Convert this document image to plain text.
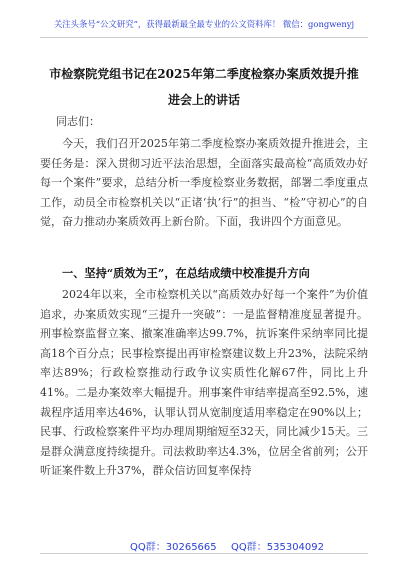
关注头条号“公文研究”，获得最新最全最专业的公文资料库！ 微信：gongwenyj
市检察院党组书记在2025年第二季度检察办案质效提升推
进会上的讲话
同志们：
今天，我们召开2025年第二季度检察办案质效提升推进会，主要任务是：深入贯彻习近平法治思想，全面落实最高检“高质效办好每一个案件”要求，总结分析一季度检察业务数据，部署二季度重点工作，动员全市检察机关以“正诸‘执’行”的担当、“检”守初心”的自觉，奋力推动办案质效再上新台阶。下面，我讲四个方面意见。
一、坚持“质效为王”，在总结成绩中校准提升方向
2024年以来，全市检察机关以“高质效办好每一个案件”为价值追求，办案质效实现“三提升一突破”：一是监督精准度显著提升。刑事检察监督立案、撤案准确率达99.7%，抗诉案件采纳率同比提高18个百分点；民事检察提出再审检察建议数上升23%，法院采纳率达89%；行政检察推动行政争议实质性化解67件，同比上升41%。二是办案效率大幅提升。刑事案件审结率提高至92.5%，速裁程序适用率达46%，认罪认罚从宽制度适用率稳定在90%以上；民事、行政检察案件平均办理周期缩短至32天，同比减少15天。三是群众满意度持续提升。司法救助率达4.3%，位居全省前列；公开听证案件数上升37%，群众信访回复率保持
QQ群：30265665 QQ群：535304092
